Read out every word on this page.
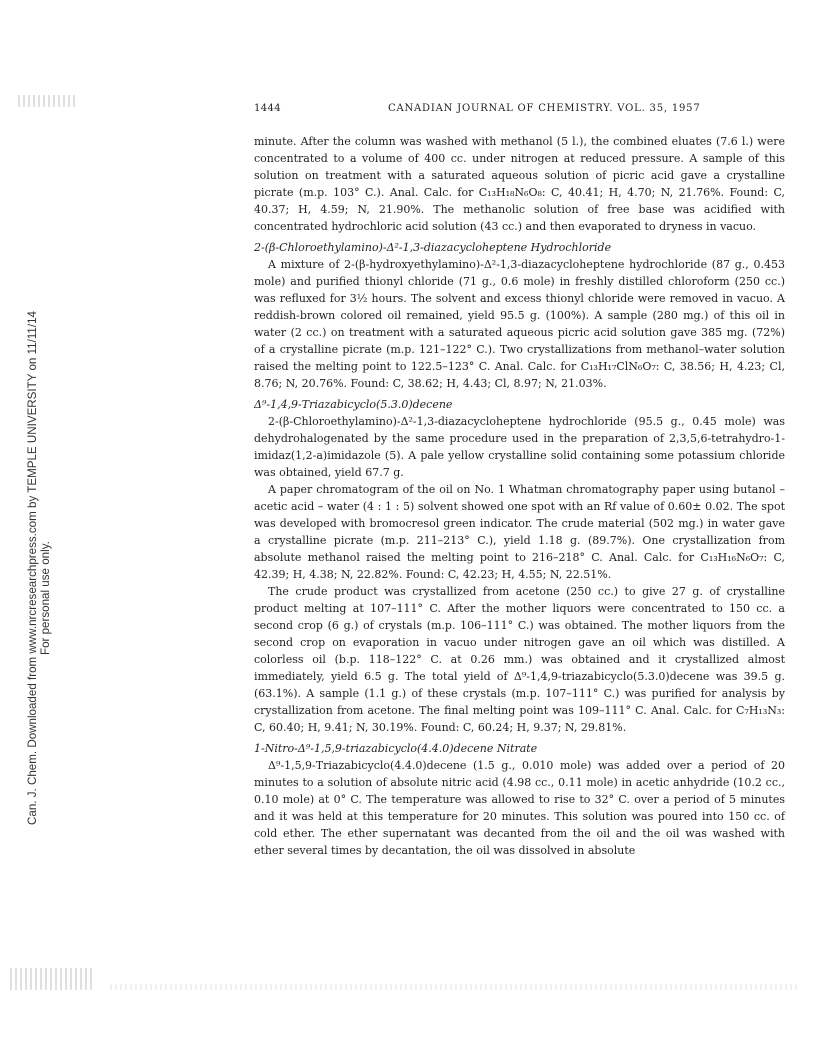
Can. J. Chem. Downloaded from www.nrcresearchpress.com by TEMPLE UNIVERSITY on 11/11/14 For personal use only.
1444	CANADIAN JOURNAL OF CHEMISTRY. VOL. 35, 1957

minute. After the column was washed with methanol (5 l.), the combined eluates (7.6 l.) were concentrated to a volume of 400 cc. under nitrogen at reduced pressure. A sample of this solution on treatment with a saturated aqueous solution of picric acid gave a crystalline picrate (m.p. 103° C.). Anal. Calc. for C₁₃H₁₈N₆O₈: C, 40.41; H, 4.70; N, 21.76%. Found: C, 40.37; H, 4.59; N, 21.90%. The methanolic solution of free base was acidified with concentrated hydrochloric acid solution (43 cc.) and then evaporated to dryness in vacuo.

2-(β-Chloroethylamino)-Δ²-1,3-diazacycloheptene Hydrochloride

A mixture of 2-(β-hydroxyethylamino)-Δ²-1,3-diazacycloheptene hydrochloride (87 g., 0.453 mole) and purified thionyl chloride (71 g., 0.6 mole) in freshly distilled chloroform (250 cc.) was refluxed for 3½ hours. The solvent and excess thionyl chloride were removed in vacuo. A reddish-brown colored oil remained, yield 95.5 g. (100%). A sample (280 mg.) of this oil in water (2 cc.) on treatment with a saturated aqueous picric acid solution gave 385 mg. (72%) of a crystalline picrate (m.p. 121–122° C.). Two crystallizations from methanol–water solution raised the melting point to 122.5–123° C. Anal. Calc. for C₁₃H₁₇ClN₆O₇: C, 38.56; H, 4.23; Cl, 8.76; N, 20.76%. Found: C, 38.62; H, 4.43; Cl, 8.97; N, 21.03%.

Δ⁹-1,4,9-Triazabicyclo(5.3.0)decene

2-(β-Chloroethylamino)-Δ²-1,3-diazacycloheptene hydrochloride (95.5 g., 0.45 mole) was dehydrohalogenated by the same procedure used in the preparation of 2,3,5,6-tetrahydro-1-imidaz(1,2-a)imidazole (5). A pale yellow crystalline solid containing some potassium chloride was obtained, yield 67.7 g.

A paper chromatogram of the oil on No. 1 Whatman chromatography paper using butanol – acetic acid – water (4 : 1 : 5) solvent showed one spot with an Rf value of 0.60± 0.02. The spot was developed with bromocresol green indicator. The crude material (502 mg.) in water gave a crystalline picrate (m.p. 211–213° C.), yield 1.18 g. (89.7%). One crystallization from absolute methanol raised the melting point to 216–218° C. Anal. Calc. for C₁₃H₁₆N₆O₇: C, 42.39; H, 4.38; N, 22.82%. Found: C, 42.23; H, 4.55; N, 22.51%.

The crude product was crystallized from acetone (250 cc.) to give 27 g. of crystalline product melting at 107–111° C. After the mother liquors were concentrated to 150 cc. a second crop (6 g.) of crystals (m.p. 106–111° C.) was obtained. The mother liquors from the second crop on evaporation in vacuo under nitrogen gave an oil which was distilled. A colorless oil (b.p. 118–122° C. at 0.26 mm.) was obtained and it crystallized almost immediately, yield 6.5 g. The total yield of Δ⁹-1,4,9-triazabicyclo(5.3.0)decene was 39.5 g. (63.1%). A sample (1.1 g.) of these crystals (m.p. 107–111° C.) was purified for analysis by crystallization from acetone. The final melting point was 109–111° C. Anal. Calc. for C₇H₁₃N₃: C, 60.40; H, 9.41; N, 30.19%. Found: C, 60.24; H, 9.37; N, 29.81%.

1-Nitro-Δ⁹-1,5,9-triazabicyclo(4.4.0)decene Nitrate

Δ⁹-1,5,9-Triazabicyclo(4.4.0)decene (1.5 g., 0.010 mole) was added over a period of 20 minutes to a solution of absolute nitric acid (4.98 cc., 0.11 mole) in acetic anhydride (10.2 cc., 0.10 mole) at 0° C. The temperature was allowed to rise to 32° C. over a period of 5 minutes and it was held at this temperature for 20 minutes. This solution was poured into 150 cc. of cold ether. The ether supernatant was decanted from the oil and the oil was washed with ether several times by decantation, the oil was dissolved in absolute
